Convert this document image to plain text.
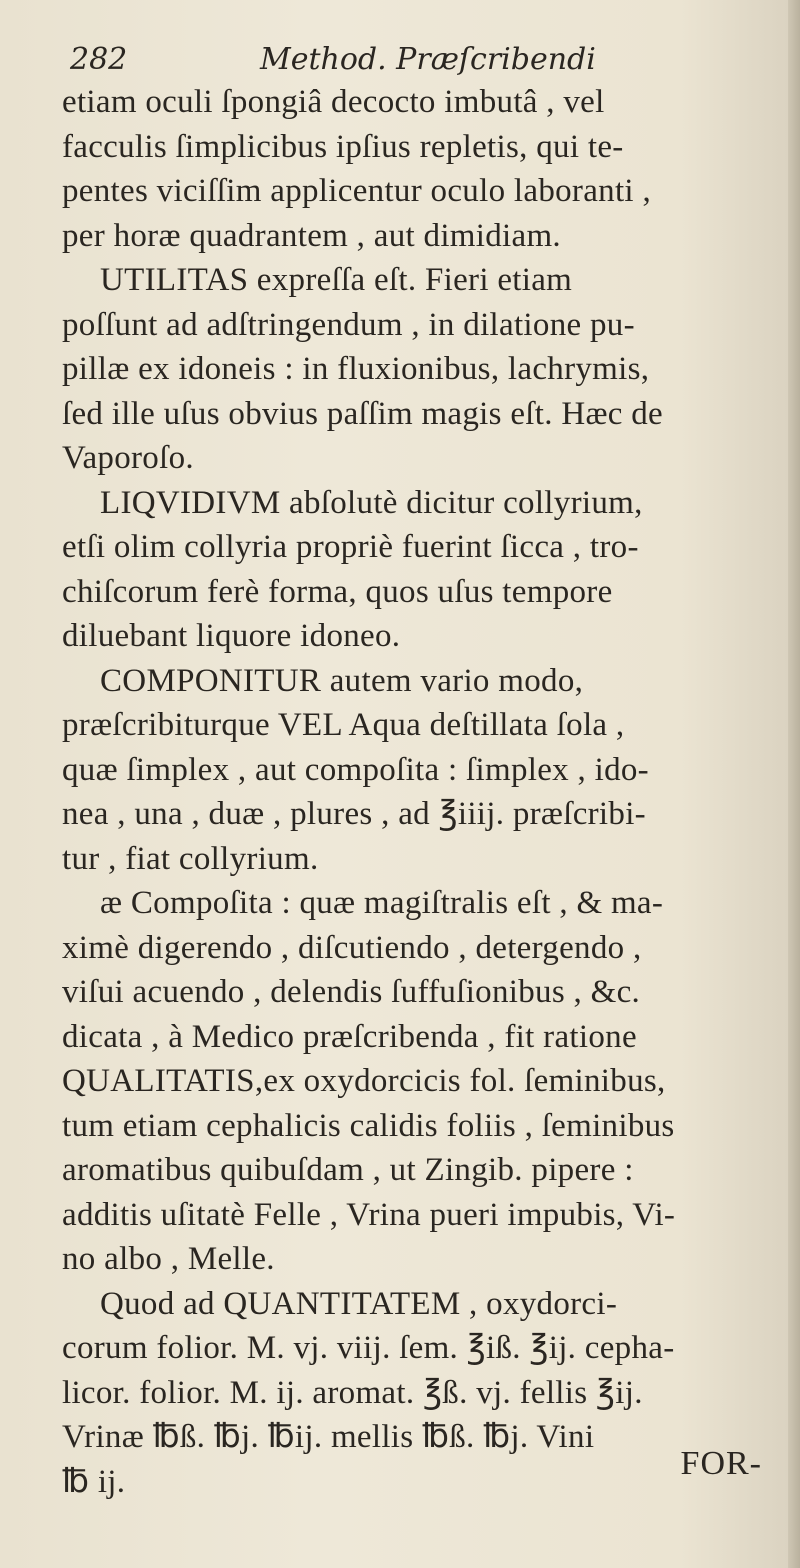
282	Method. Præſcribendi
etiam oculi ſpongiâ decocto imbutâ , vel
facculis ſimplicibus ipſius repletis, qui te-
pentes viciſſim applicentur oculo laboranti ,
per horæ quadrantem , aut dimidiam.
UTILITAS expreſſa eſt. Fieri etiam
poſſunt ad adſtringendum , in dilatione pu-
pillæ ex idoneis : in fluxionibus, lachrymis,
ſed ille uſus obvius paſſim magis eſt. Hæc de
Vaporoſo.
LIQVIDIVM abſolutè dicitur collyrium,
etſi olim collyria propriè fuerint ſicca , tro-
chiſcorum ferè forma, quos uſus tempore
diluebant liquore idoneo.
COMPONITUR autem vario modo,
præſcribiturque VEL Aqua deſtillata ſola ,
quæ ſimplex , aut compoſita : ſimplex , ido-
nea , una , duæ , plures , ad ℥iiij. præſcribi-
tur , fiat collyrium.
æ Compoſita : quæ magiſtralis eſt , & ma-
ximè digerendo , diſcutiendo , detergendo ,
viſui acuendo , delendis ſuffuſionibus , &c.
dicata , à Medico præſcribenda , fit ratione
QUALITATIS,ex oxydorcicis fol. ſeminibus,
tum etiam cephalicis calidis foliis , ſeminibus
aromatibus quibuſdam , ut Zingib. pipere :
additis uſitatè Felle , Vrina pueri impubis, Vi-
no albo , Melle.
Quod ad QUANTITATEM , oxydorci-
corum folior. M. vj. viij. ſem. ℥iß. ℥ij. cepha-
licor. folior. M. ij. aromat. ℥ß. vj. fellis ℥ij.
Vrinæ ℔ß. ℔j. ℔ij. mellis ℔ß. ℔j. Vini
℔ ij.	FOR-
